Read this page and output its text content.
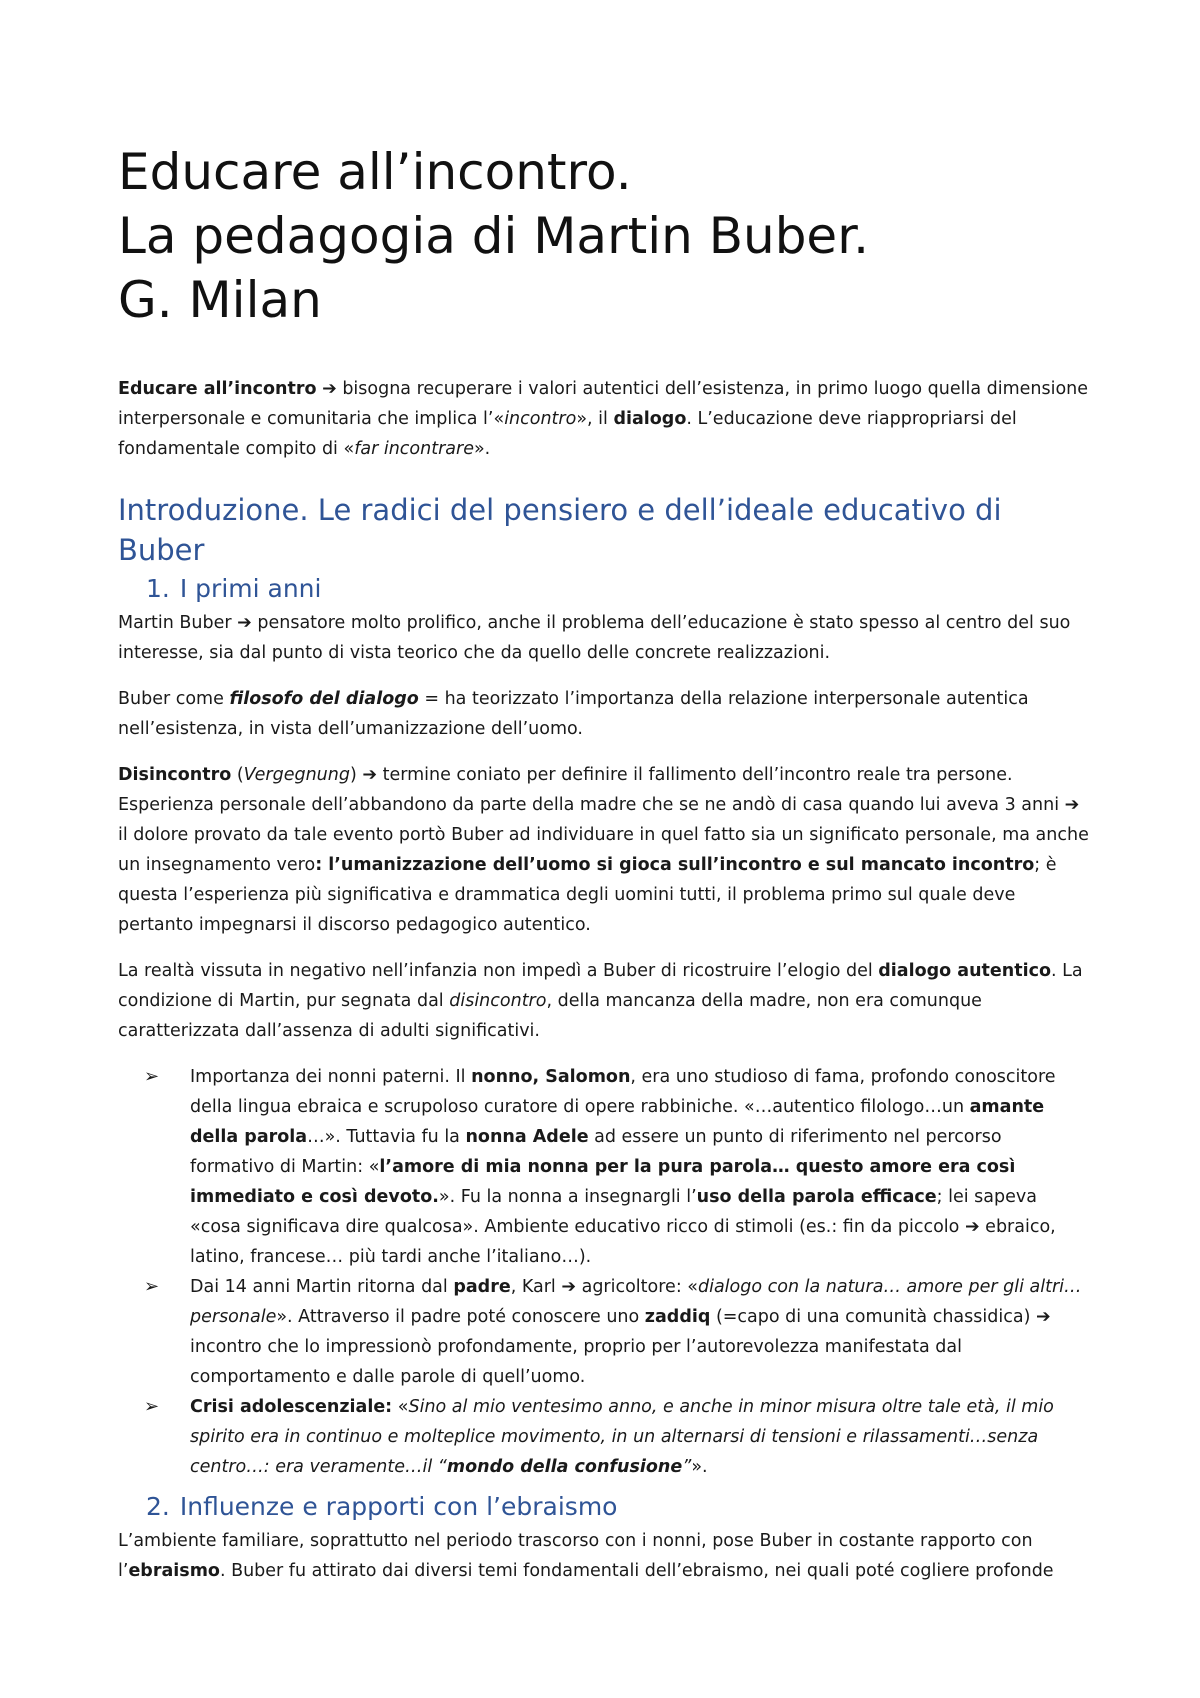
Educare all’incontro.
La pedagogia di Martin Buber.
G. Milan

Educare all’incontro ➔ bisogna recuperare i valori autentici dell’esistenza, in primo luogo quella dimensione interpersonale e comunitaria che implica l’«incontro», il dialogo. L’educazione deve riappropriarsi del fondamentale compito di «far incontrare».

Introduzione. Le radici del pensiero e dell’ideale educativo di Buber
1. I primi anni

Martin Buber ➔ pensatore molto prolifico, anche il problema dell’educazione è stato spesso al centro del suo interesse, sia dal punto di vista teorico che da quello delle concrete realizzazioni.

Buber come filosofo del dialogo = ha teorizzato l’importanza della relazione interpersonale autentica nell’esistenza, in vista dell’umanizzazione dell’uomo.

Disincontro (Vergegnung) ➔ termine coniato per definire il fallimento dell’incontro reale tra persone. Esperienza personale dell’abbandono da parte della madre che se ne andò di casa quando lui aveva 3 anni ➔ il dolore provato da tale evento portò Buber ad individuare in quel fatto sia un significato personale, ma anche un insegnamento vero: l’umanizzazione dell’uomo si gioca sull’incontro e sul mancato incontro; è questa l’esperienza più significativa e drammatica degli uomini tutti, il problema primo sul quale deve pertanto impegnarsi il discorso pedagogico autentico.

La realtà vissuta in negativo nell’infanzia non impedì a Buber di ricostruire l’elogio del dialogo autentico. La condizione di Martin, pur segnata dal disincontro, della mancanza della madre, non era comunque caratterizzata dall’assenza di adulti significativi.

➢ Importanza dei nonni paterni. Il nonno, Salomon, era uno studioso di fama, profondo conoscitore della lingua ebraica e scrupoloso curatore di opere rabbiniche. «…autentico filologo…un amante della parola…». Tuttavia fu la nonna Adele ad essere un punto di riferimento nel percorso formativo di Martin: «l’amore di mia nonna per la pura parola… questo amore era così immediato e così devoto.». Fu la nonna a insegnargli l’uso della parola efficace; lei sapeva «cosa significava dire qualcosa». Ambiente educativo ricco di stimoli (es.: fin da piccolo ➔ ebraico, latino, francese… più tardi anche l’italiano…).
➢ Dai 14 anni Martin ritorna dal padre, Karl ➔ agricoltore: «dialogo con la natura… amore per gli altri…personale». Attraverso il padre poté conoscere uno zaddiq (=capo di una comunità chassidica) ➔ incontro che lo impressionò profondamente, proprio per l’autorevolezza manifestata dal comportamento e dalle parole di quell’uomo.
➢ Crisi adolescenziale: «Sino al mio ventesimo anno, e anche in minor misura oltre tale età, il mio spirito era in continuo e molteplice movimento, in un alternarsi di tensioni e rilassamenti…senza centro…: era veramente…il “mondo della confusione”».
2. Influenze e rapporti con l’ebraismo

L’ambiente familiare, soprattutto nel periodo trascorso con i nonni, pose Buber in costante rapporto con l’ebraismo. Buber fu attirato dai diversi temi fondamentali dell’ebraismo, nei quali poté cogliere profonde
